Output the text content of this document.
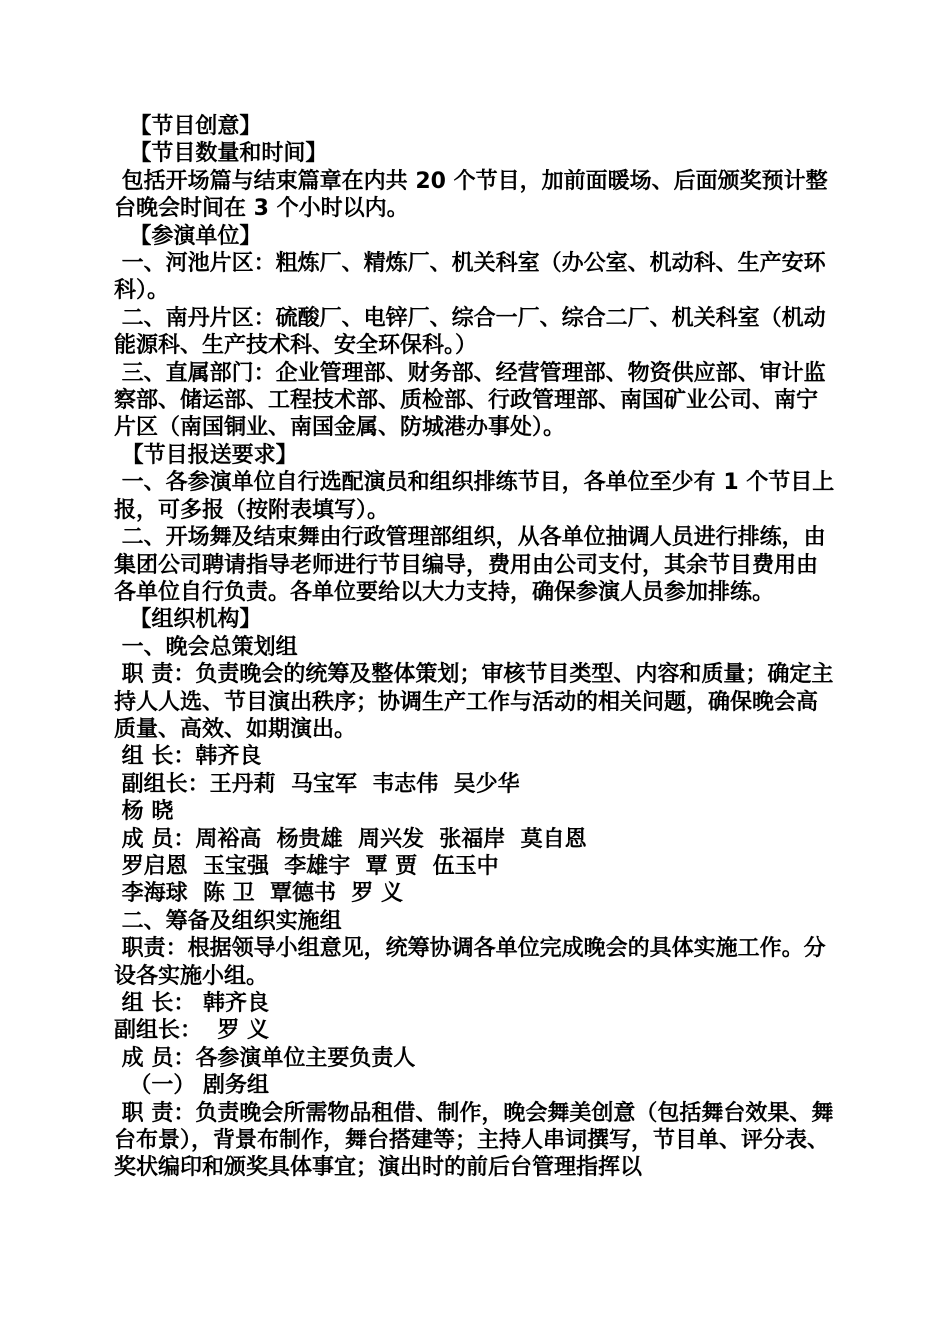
【节目创意】

【节目数量和时间】

包括开场篇与结束篇章在内共 20 个节目，加前面暖场、后面颁奖预计整台晚会时间在 3 个小时以内。

【参演单位】

一、河池片区：粗炼厂、精炼厂、机关科室（办公室、机动科、生产安环科）。

二、南丹片区：硫酸厂、电锌厂、综合一厂、综合二厂、机关科室（机动能源科、生产技术科、安全环保科。）

三、直属部门：企业管理部、财务部、经营管理部、物资供应部、审计监察部、储运部、工程技术部、质检部、行政管理部、南国矿业公司、南宁片区（南国铜业、南国金属、防城港办事处）。

【节目报送要求】

一、各参演单位自行选配演员和组织排练节目，各单位至少有 1 个节目上报，可多报（按附表填写）。

二、开场舞及结束舞由行政管理部组织，从各单位抽调人员进行排练，由集团公司聘请指导老师进行节目编导，费用由公司支付，其余节目费用由各单位自行负责。各单位要给以大力支持，确保参演人员参加排练。

【组织机构】

一、晚会总策划组

职 责：负责晚会的统筹及整体策划；审核节目类型、内容和质量；确定主持人人选、节目演出秩序；协调生产工作与活动的相关问题，确保晚会高质量、高效、如期演出。

组 长：韩齐良

副组长：王丹莉  马宝军  韦志伟  吴少华

杨 晓

成 员：周裕高  杨贵雄  周兴发  张福岸  莫自恩

罗启恩  玉宝强  李雄宇  覃 贾  伍玉中

李海球  陈 卫  覃德书  罗 义

二、筹备及组织实施组

职责：根据领导小组意见，统筹协调各单位完成晚会的具体实施工作。分设各实施小组。

组 长： 韩齐良

副组长：  罗 义

成 员：各参演单位主要负责人

（一） 剧务组

职 责：负责晚会所需物品租借、制作，晚会舞美创意（包括舞台效果、舞台布景），背景布制作，舞台搭建等；主持人串词撰写，节目单、评分表、奖状编印和颁奖具体事宜；演出时的前后台管理指挥以
